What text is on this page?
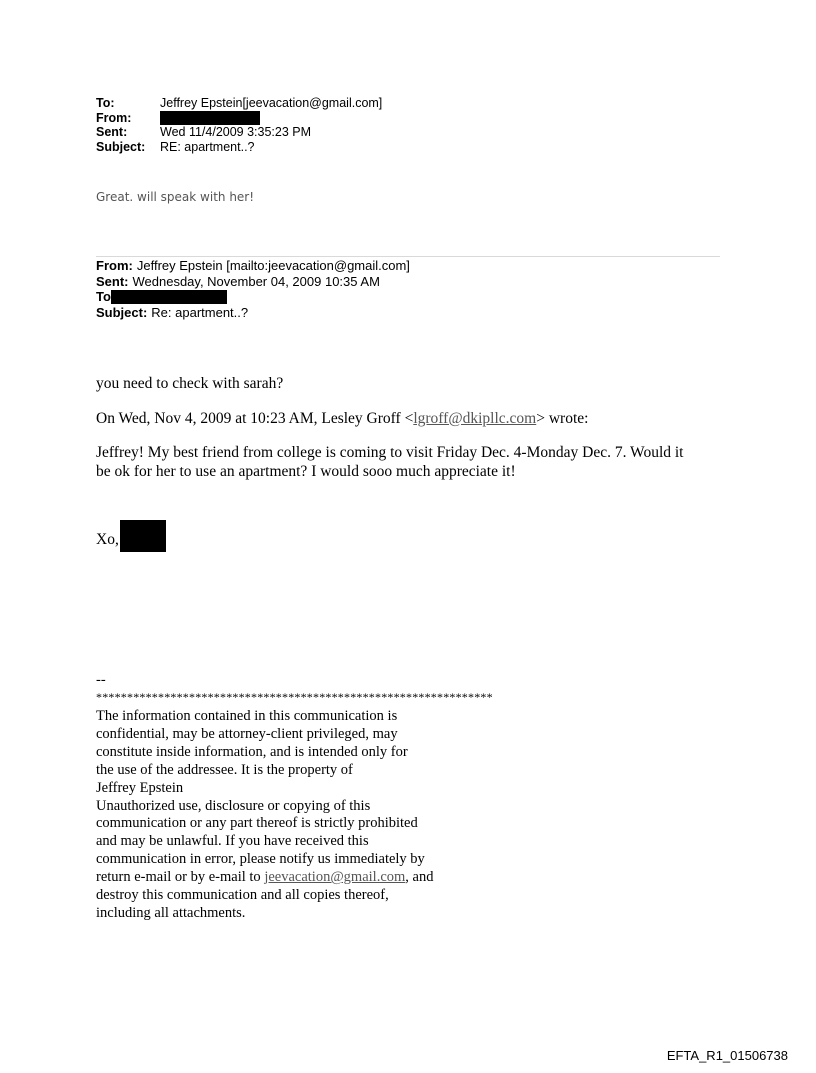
To:	Jeffrey Epstein[jeevacation@gmail.com]
From:
Sent:	Wed 11/4/2009 3:35:23 PM
Subject:	RE: apartment..?
Great. will speak with her!
From: Jeffrey Epstein [mailto:jeevacation@gmail.com]
Sent: Wednesday, November 04, 2009 10:35 AM
To
Subject: Re: apartment..?
you need to check with sarah?
On Wed, Nov 4, 2009 at 10:23 AM, Lesley Groff <lgroff@dkipllc.com> wrote:
Jeffrey! My best friend from college is coming to visit Friday Dec. 4-Monday Dec. 7. Would it
be ok for her to use an apartment? I would sooo much appreciate it!
Xo,
--
****************************************************************
The information contained in this communication is
confidential, may be attorney-client privileged, may
constitute inside information, and is intended only for
the use of the addressee. It is the property of
Jeffrey Epstein
Unauthorized use, disclosure or copying of this
communication or any part thereof is strictly prohibited
and may be unlawful. If you have received this
communication in error, please notify us immediately by
return e-mail or by e-mail to jeevacation@gmail.com, and
destroy this communication and all copies thereof,
including all attachments.
EFTA_R1_01506738
